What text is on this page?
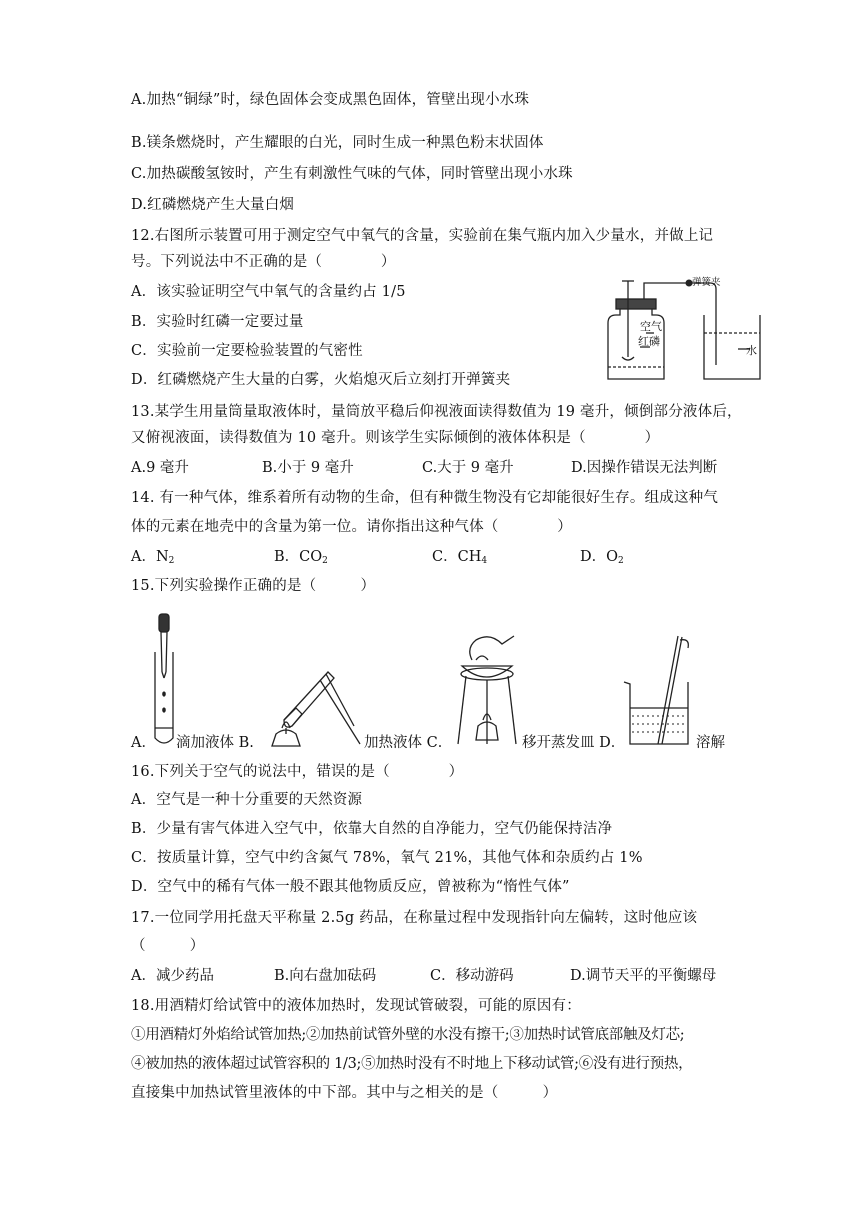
A.加热“铜绿”时，绿色固体会变成黑色固体，管壁出现小水珠
B.镁条燃烧时，产生耀眼的白光，同时生成一种黑色粉末状固体
C.加热碳酸氢铵时，产生有刺激性气味的气体，同时管壁出现小水珠
D.红磷燃烧产生大量白烟
12.右图所示装置可用于测定空气中氧气的含量，实验前在集气瓶内加入少量水，并做上记
号。下列说法中不正确的是（　　　　）
A．该实验证明空气中氧气的含量约占 1/5
B．实验时红磷一定要过量
C．实验前一定要检验装置的气密性
D．红磷燃烧产生大量的白雾，火焰熄灭后立刻打开弹簧夹
弹簧夹
空气
红磷
水
13.某学生用量筒量取液体时，量筒放平稳后仰视液面读得数值为 19 毫升，倾倒部分液体后，
又俯视液面，读得数值为 10 毫升。则该学生实际倾倒的液体体积是（　　　　）
A.9 毫升	B.小于 9 毫升	C.大于 9 毫升	D.因操作错误无法判断
14. 有一种气体，维系着所有动物的生命，但有种微生物没有它却能很好生存。组成这种气
体的元素在地壳中的含量为第一位。请你指出这种气体（　　　　）
A．$N_2$	B．$CO_2$	C．$CH_4$	D．$O_2$
15.下列实验操作正确的是（　　　）
A． 滴加液体 B.	加热液体 C．	移开蒸发皿 D．	溶解
16.下列关于空气的说法中，错误的是（　　　　）
A．空气是一种十分重要的天然资源
B．少量有害气体进入空气中，依靠大自然的自净能力，空气仍能保持洁净
C．按质量计算，空气中约含氮气 78%，氧气 21%，其他气体和杂质约占 1%
D．空气中的稀有气体一般不跟其他物质反应，曾被称为“惰性气体”
17.一位同学用托盘天平称量 2.5g 药品，在称量过程中发现指针向左偏转，这时他应该
（　　　）
A．减少药品	B.向右盘加砝码	C．移动游码	D.调节天平的平衡螺母
18.用酒精灯给试管中的液体加热时，发现试管破裂，可能的原因有：
①用酒精灯外焰给试管加热;②加热前试管外壁的水没有擦干;③加热时试管底部触及灯芯;
④被加热的液体超过试管容积的 1/3;⑤加热时没有不时地上下移动试管;⑥没有进行预热，
直接集中加热试管里液体的中下部。其中与之相关的是（　　　）
